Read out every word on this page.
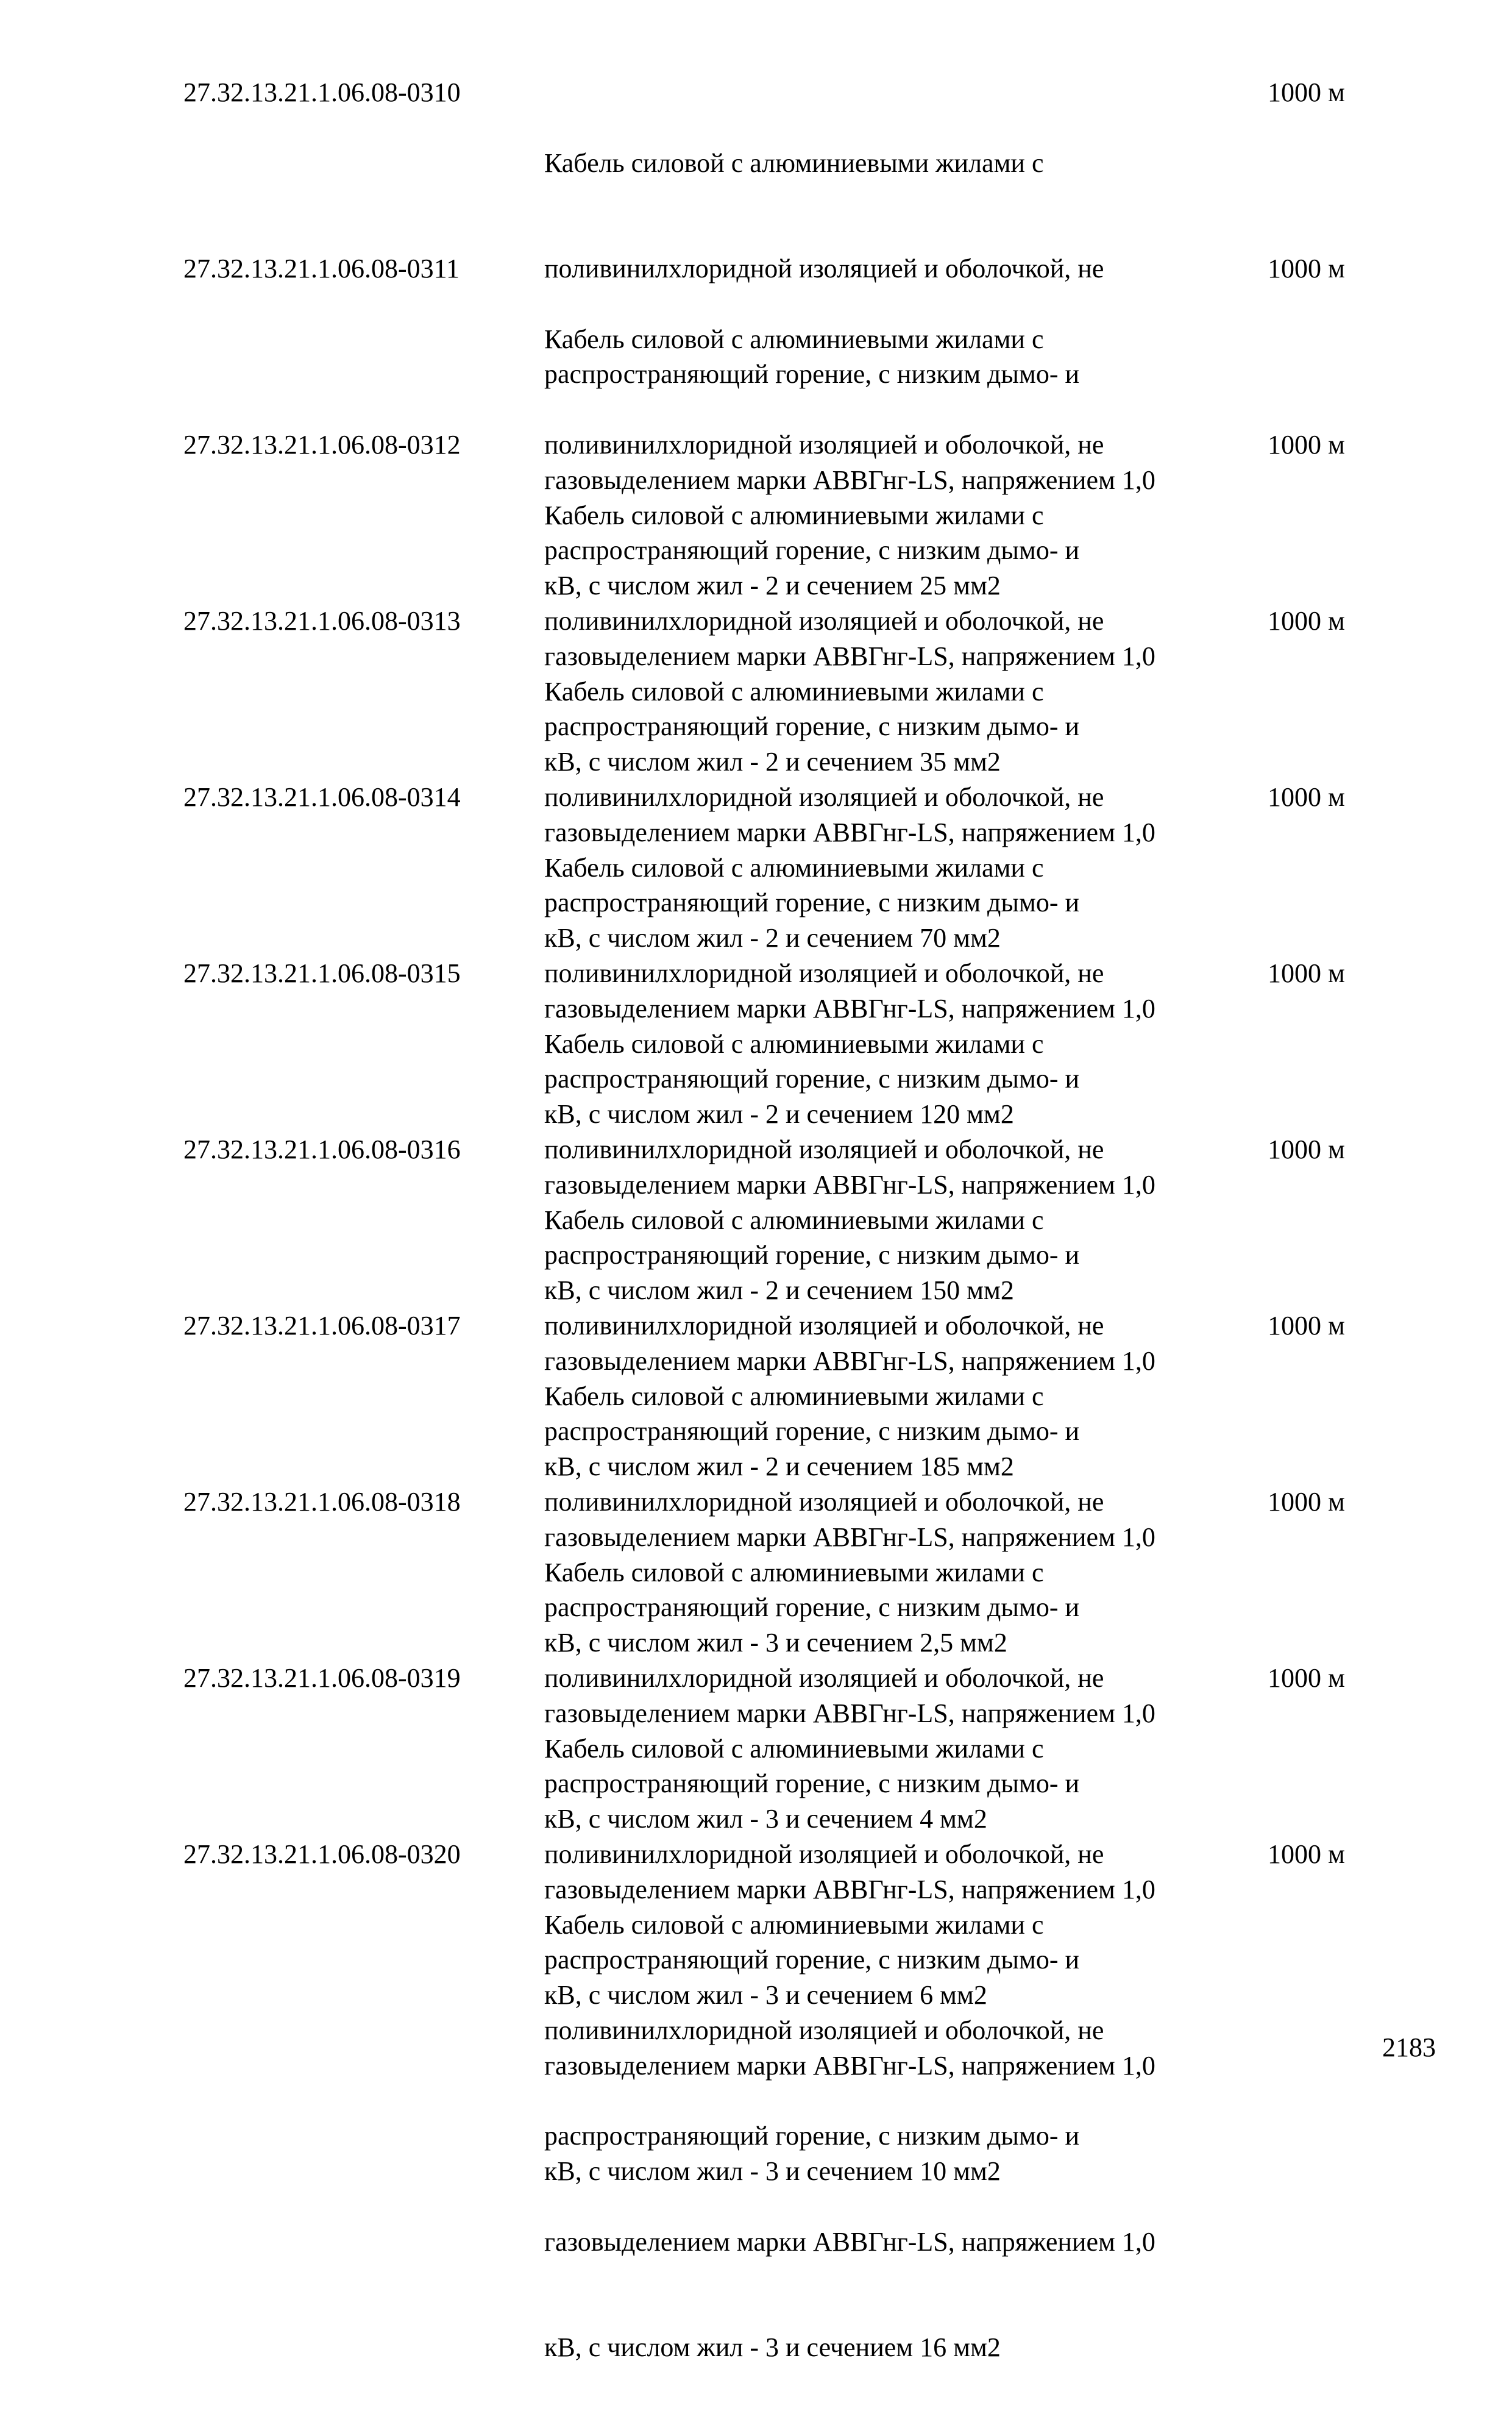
27.32.13.21.1.06.08-0310

Кабель силовой с алюминиевыми жилами с

поливинилхлоридной изоляцией и оболочкой, не

распространяющий горение, с низким дымо- и

газовыделением марки АВВГнг-LS, напряжением 1,0

кВ, с числом жил - 2 и сечением 25 мм2

1000 м
27.32.13.21.1.06.08-0311

Кабель силовой с алюминиевыми жилами с

поливинилхлоридной изоляцией и оболочкой, не

распространяющий горение, с низким дымо- и

газовыделением марки АВВГнг-LS, напряжением 1,0

кВ, с числом жил - 2 и сечением 35 мм2

1000 м
27.32.13.21.1.06.08-0312

Кабель силовой с алюминиевыми жилами с

поливинилхлоридной изоляцией и оболочкой, не

распространяющий горение, с низким дымо- и

газовыделением марки АВВГнг-LS, напряжением 1,0

кВ, с числом жил - 2 и сечением 70 мм2

1000 м
27.32.13.21.1.06.08-0313

Кабель силовой с алюминиевыми жилами с

поливинилхлоридной изоляцией и оболочкой, не

распространяющий горение, с низким дымо- и

газовыделением марки АВВГнг-LS, напряжением 1,0

кВ, с числом жил - 2 и сечением 120 мм2

1000 м
27.32.13.21.1.06.08-0314

Кабель силовой с алюминиевыми жилами с

поливинилхлоридной изоляцией и оболочкой, не

распространяющий горение, с низким дымо- и

газовыделением марки АВВГнг-LS, напряжением 1,0

кВ, с числом жил - 2 и сечением 150 мм2

1000 м
27.32.13.21.1.06.08-0315

Кабель силовой с алюминиевыми жилами с

поливинилхлоридной изоляцией и оболочкой, не

распространяющий горение, с низким дымо- и

газовыделением марки АВВГнг-LS, напряжением 1,0

кВ, с числом жил - 2 и сечением 185 мм2

1000 м
27.32.13.21.1.06.08-0316

Кабель силовой с алюминиевыми жилами с

поливинилхлоридной изоляцией и оболочкой, не

распространяющий горение, с низким дымо- и

газовыделением марки АВВГнг-LS, напряжением 1,0

кВ, с числом жил - 3 и сечением 2,5 мм2

1000 м
27.32.13.21.1.06.08-0317

Кабель силовой с алюминиевыми жилами с

поливинилхлоридной изоляцией и оболочкой, не

распространяющий горение, с низким дымо- и

газовыделением марки АВВГнг-LS, напряжением 1,0

кВ, с числом жил - 3 и сечением 4 мм2

1000 м
27.32.13.21.1.06.08-0318

Кабель силовой с алюминиевыми жилами с

поливинилхлоридной изоляцией и оболочкой, не

распространяющий горение, с низким дымо- и

газовыделением марки АВВГнг-LS, напряжением 1,0

кВ, с числом жил - 3 и сечением 6 мм2

1000 м
27.32.13.21.1.06.08-0319

Кабель силовой с алюминиевыми жилами с

поливинилхлоридной изоляцией и оболочкой, не

распространяющий горение, с низким дымо- и

газовыделением марки АВВГнг-LS, напряжением 1,0

кВ, с числом жил - 3 и сечением 10 мм2

1000 м
27.32.13.21.1.06.08-0320

Кабель силовой с алюминиевыми жилами с

поливинилхлоридной изоляцией и оболочкой, не

распространяющий горение, с низким дымо- и

газовыделением марки АВВГнг-LS, напряжением 1,0

кВ, с числом жил - 3 и сечением 16 мм2

1000 м
2183
